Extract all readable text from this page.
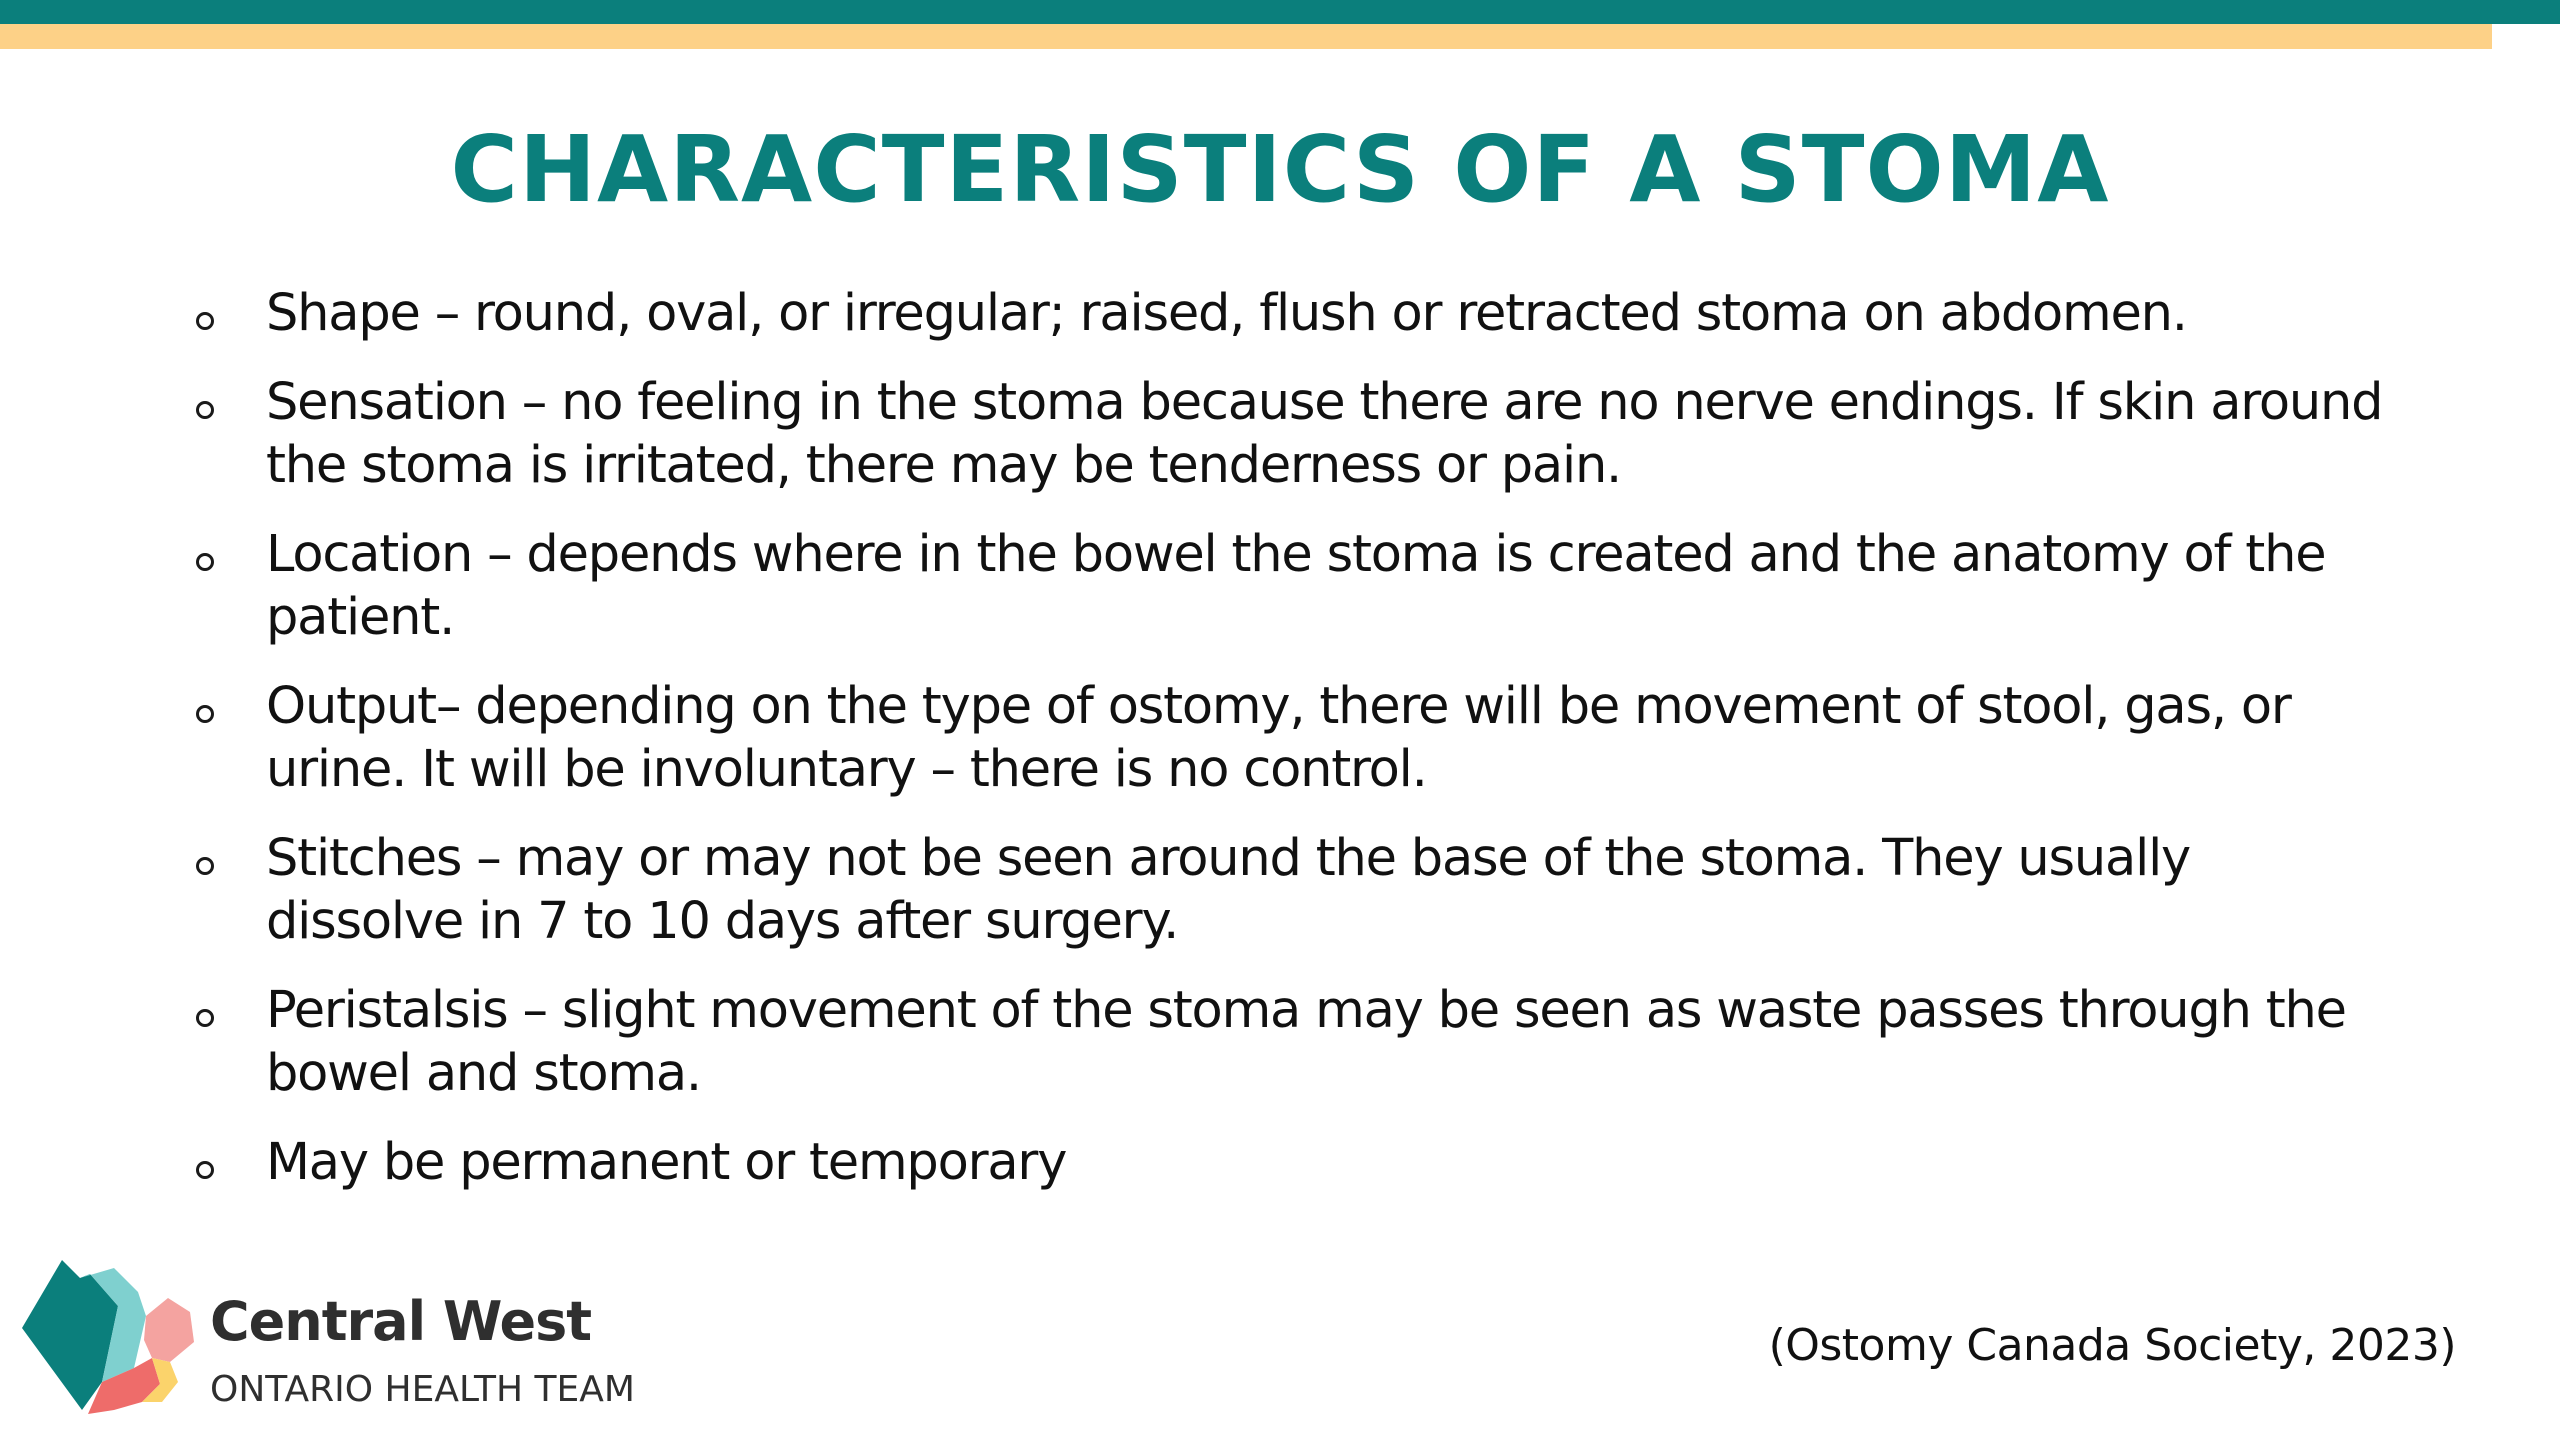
CHARACTERISTICS OF A STOMA
Shape – round, oval, or irregular; raised, flush or retracted stoma on abdomen.
Sensation – no feeling in the stoma because there are no nerve endings. If skin around the stoma is irritated, there may be tenderness or pain.
Location – depends where in the bowel the stoma is created and the anatomy of the patient.
Output– depending on the type of ostomy, there will be movement of stool, gas, or urine. It will be involuntary – there is no control.
Stitches – may or may not be seen around the base of the stoma. They usually dissolve in 7 to 10 days after surgery.
Peristalsis – slight movement of the stoma may be seen as waste passes through the bowel and stoma.
May be permanent or temporary

Central West

ONTARIO HEALTH TEAM

(Ostomy Canada Society, 2023)
